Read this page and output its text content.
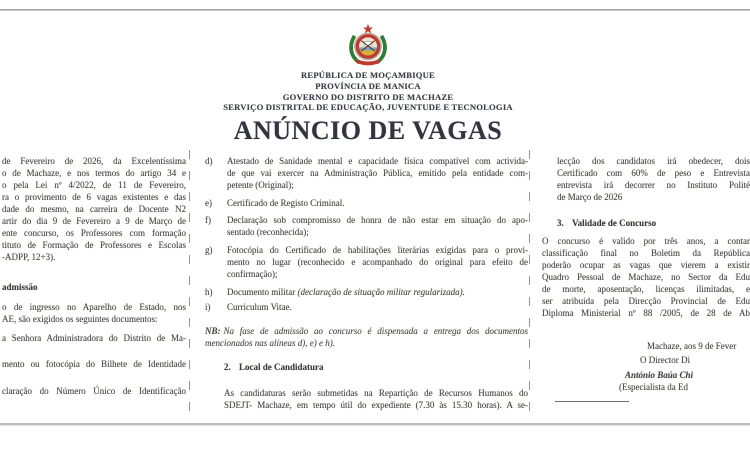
REPÚBLICA DE MOÇAMBIQUE
PROVÍNCIA DE MANICA
GOVERNO DO DISTRITO DE MACHAZE
SERVIÇO DISTRITAL DE EDUCAÇÃO, JUVENTUDE E TECNOLOGIA
ANÚNCIO DE VAGAS
de Fevereiro de 2026, da Excelentíssima
o de Machaze, e nos termos do artigo 34 e
o pela Lei nº 4/2022, de 11 de Fevereiro,
ra o provimento de 6 vagas existentes e das
dade do mesmo, na carreira de Docente N2
artir do dia 9 de Fevereiro a 9 de Março de
ente concurso, os Professores com formação
tituto de Formação de Professores e Escolas
-ADPP, 12+3).
admissão
o de ingresso no Aparelho de Estado, nos
AE, são exigidos os seguintes documentos:
a Senhora Administradora do Distrito de Ma-
mento ou fotocópia do Bilhete de Identidade
claração do Número Único de Identificação
d)	Atestado de Sanidade mental e capacidade física compatível com activida-
de que vai exercer na Administração Pública, emitido pela entidade com-
petente (Original);
e)	Certificado de Registo Criminal.
f)	Declaração sob compromisso de honra de não estar em situação do apo-
sentado (reconhecida);
g)	Fotocópia do Certificado de habilitações literárias exigidas para o provi-
mento no lugar (reconhecido e acompanhado do original para efeito de
confirmação);
h)	Documento militar (declaração de situação militar regularizada).
i)	Curriculum Vitae.
NB: Na fase de admissão ao concurso é dispensada a entrega dos documentos
mencionados nas alíneas d), e) e h).
2. Local de Candidatura
As candidaturas serão submetidas na Repartição de Recursos Humanos do
SDEJT- Machaze, em tempo útil do expediente (7.30 às 15.30 horas). A se-
lecção dos candidatos irá obedecer, dois
Certificado com 60% de peso e Entrevista
entrevista irá decorrer no Instituto Polité
de Março de 2026
3. Validade de Concurso
O concurso é valido por três anos, a contar
classificação final no Boletim da República
poderão ocupar as vagas que vierem a existir
Quadro Pessoal de Machaze, no Sector da Edu
de morte, aposentação, licenças ilimitadas, e
ser atribuída pela Direcção Provincial de Edu
Diploma Ministerial nº 88 /2005, de 28 de Ab
Machaze, aos 9 de Fever
O Director Di
António Baúa Chi
(Especialista da Ed
